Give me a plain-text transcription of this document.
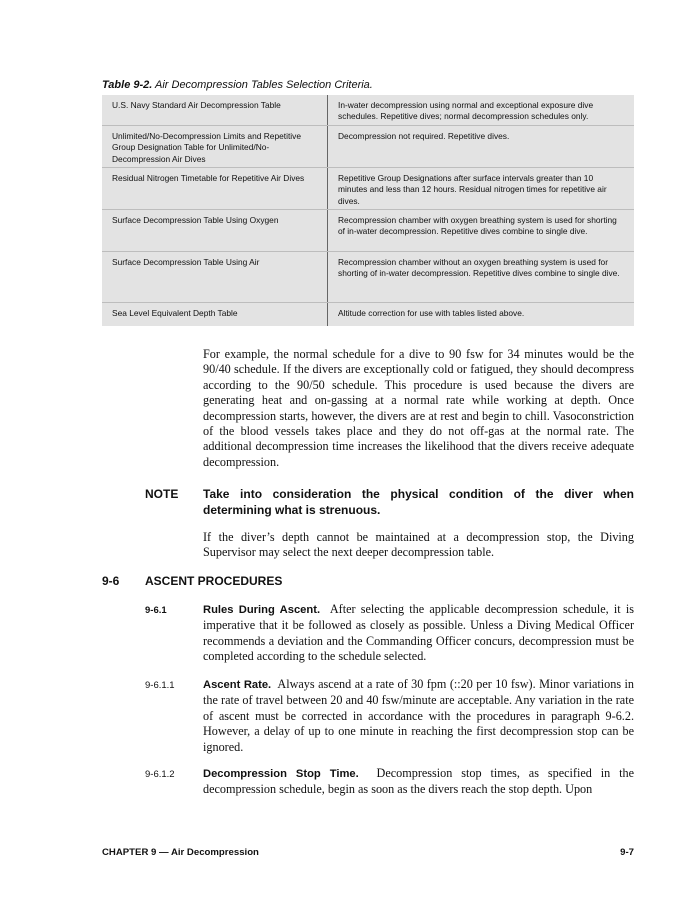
Table 9-2. Air Decompression Tables Selection Criteria.
U.S. Navy Standard Air Decompression Table	In-water decompression using normal and exceptional exposure dive schedules. Repetitive dives; normal decompression schedules only.
Unlimited/No-Decompression Limits and Repetitive Group Designation Table for Unlimited/No-Decompression Air Dives	Decompression not required. Repetitive dives.
Residual Nitrogen Timetable for Repetitive Air Dives	Repetitive Group Designations after surface intervals greater than 10 minutes and less than 12 hours. Residual nitrogen times for repetitive air dives.
Surface Decompression Table Using Oxygen	Recompression chamber with oxygen breathing system is used for shorting of in-water decompression. Repetitive dives combine to single dive.
Surface Decompression Table Using Air	Recompression chamber without an oxygen breathing system is used for shorting of in-water decompression. Repetitive dives combine to single dive.
Sea Level Equivalent Depth Table	Altitude correction for use with tables listed above.

For example, the normal schedule for a dive to 90 fsw for 34 minutes would be the 90/40 schedule. If the divers are exceptionally cold or fatigued, they should decompress according to the 90/50 schedule. This procedure is used because the divers are generating heat and on-gassing at a normal rate while working at depth. Once decompression starts, however, the divers are at rest and begin to chill. Vasoconstriction of the blood vessels takes place and they do not off-gas at the normal rate. The additional decompression time increases the likelihood that the divers receive adequate decompression.

NOTE Take into consideration the physical condition of the diver when determining what is strenuous.

If the diver’s depth cannot be maintained at a decompression stop, the Diving Supervisor may select the next deeper decompression table.

9-6 ASCENT PROCEDURES
9-6.1	Rules During Ascent. After selecting the applicable decompression schedule, it is imperative that it be followed as closely as possible. Unless a Diving Medical Officer recommends a deviation and the Commanding Officer concurs, decompression must be completed according to the schedule selected.

9-6.1.1	Ascent Rate. Always ascend at a rate of 30 fpm (::20 per 10 fsw). Minor variations in the rate of travel between 20 and 40 fsw/minute are acceptable. Any variation in the rate of ascent must be corrected in accordance with the procedures in paragraph 9-6.2. However, a delay of up to one minute in reaching the first decompression stop can be ignored.

9-6.1.2	Decompression Stop Time. Decompression stop times, as specified in the decompression schedule, begin as soon as the divers reach the stop depth. Upon

CHAPTER 9 — Air Decompression	9-7
